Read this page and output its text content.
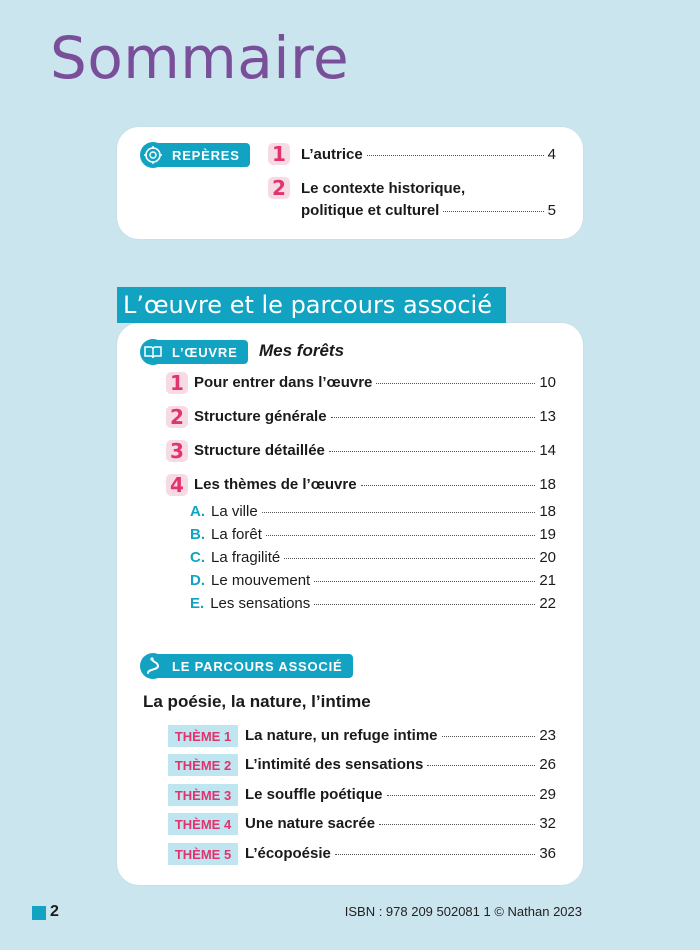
Sommaire
REPÈRES	1 L’autrice	4
2 Le contexte historique,
politique et culturel	5
L’œuvre et le parcours associé
L’ŒUVRE	Mes forêts
1 Pour entrer dans l’œuvre	10
2 Structure générale	13
3 Structure détaillée	14
4 Les thèmes de l’œuvre	18
A. La ville	18
B. La forêt	19
C. La fragilité	20
D. Le mouvement	21
E. Les sensations	22
LE PARCOURS ASSOCIÉ
La poésie, la nature, l’intime
THÈME 1 La nature, un refuge intime	23
THÈME 2 L’intimité des sensations	26
THÈME 3 Le souffle poétique	29
THÈME 4 Une nature sacrée	32
THÈME 5 L’écopoésie	36
2	ISBN : 978 209 502081 1 © Nathan 2023
